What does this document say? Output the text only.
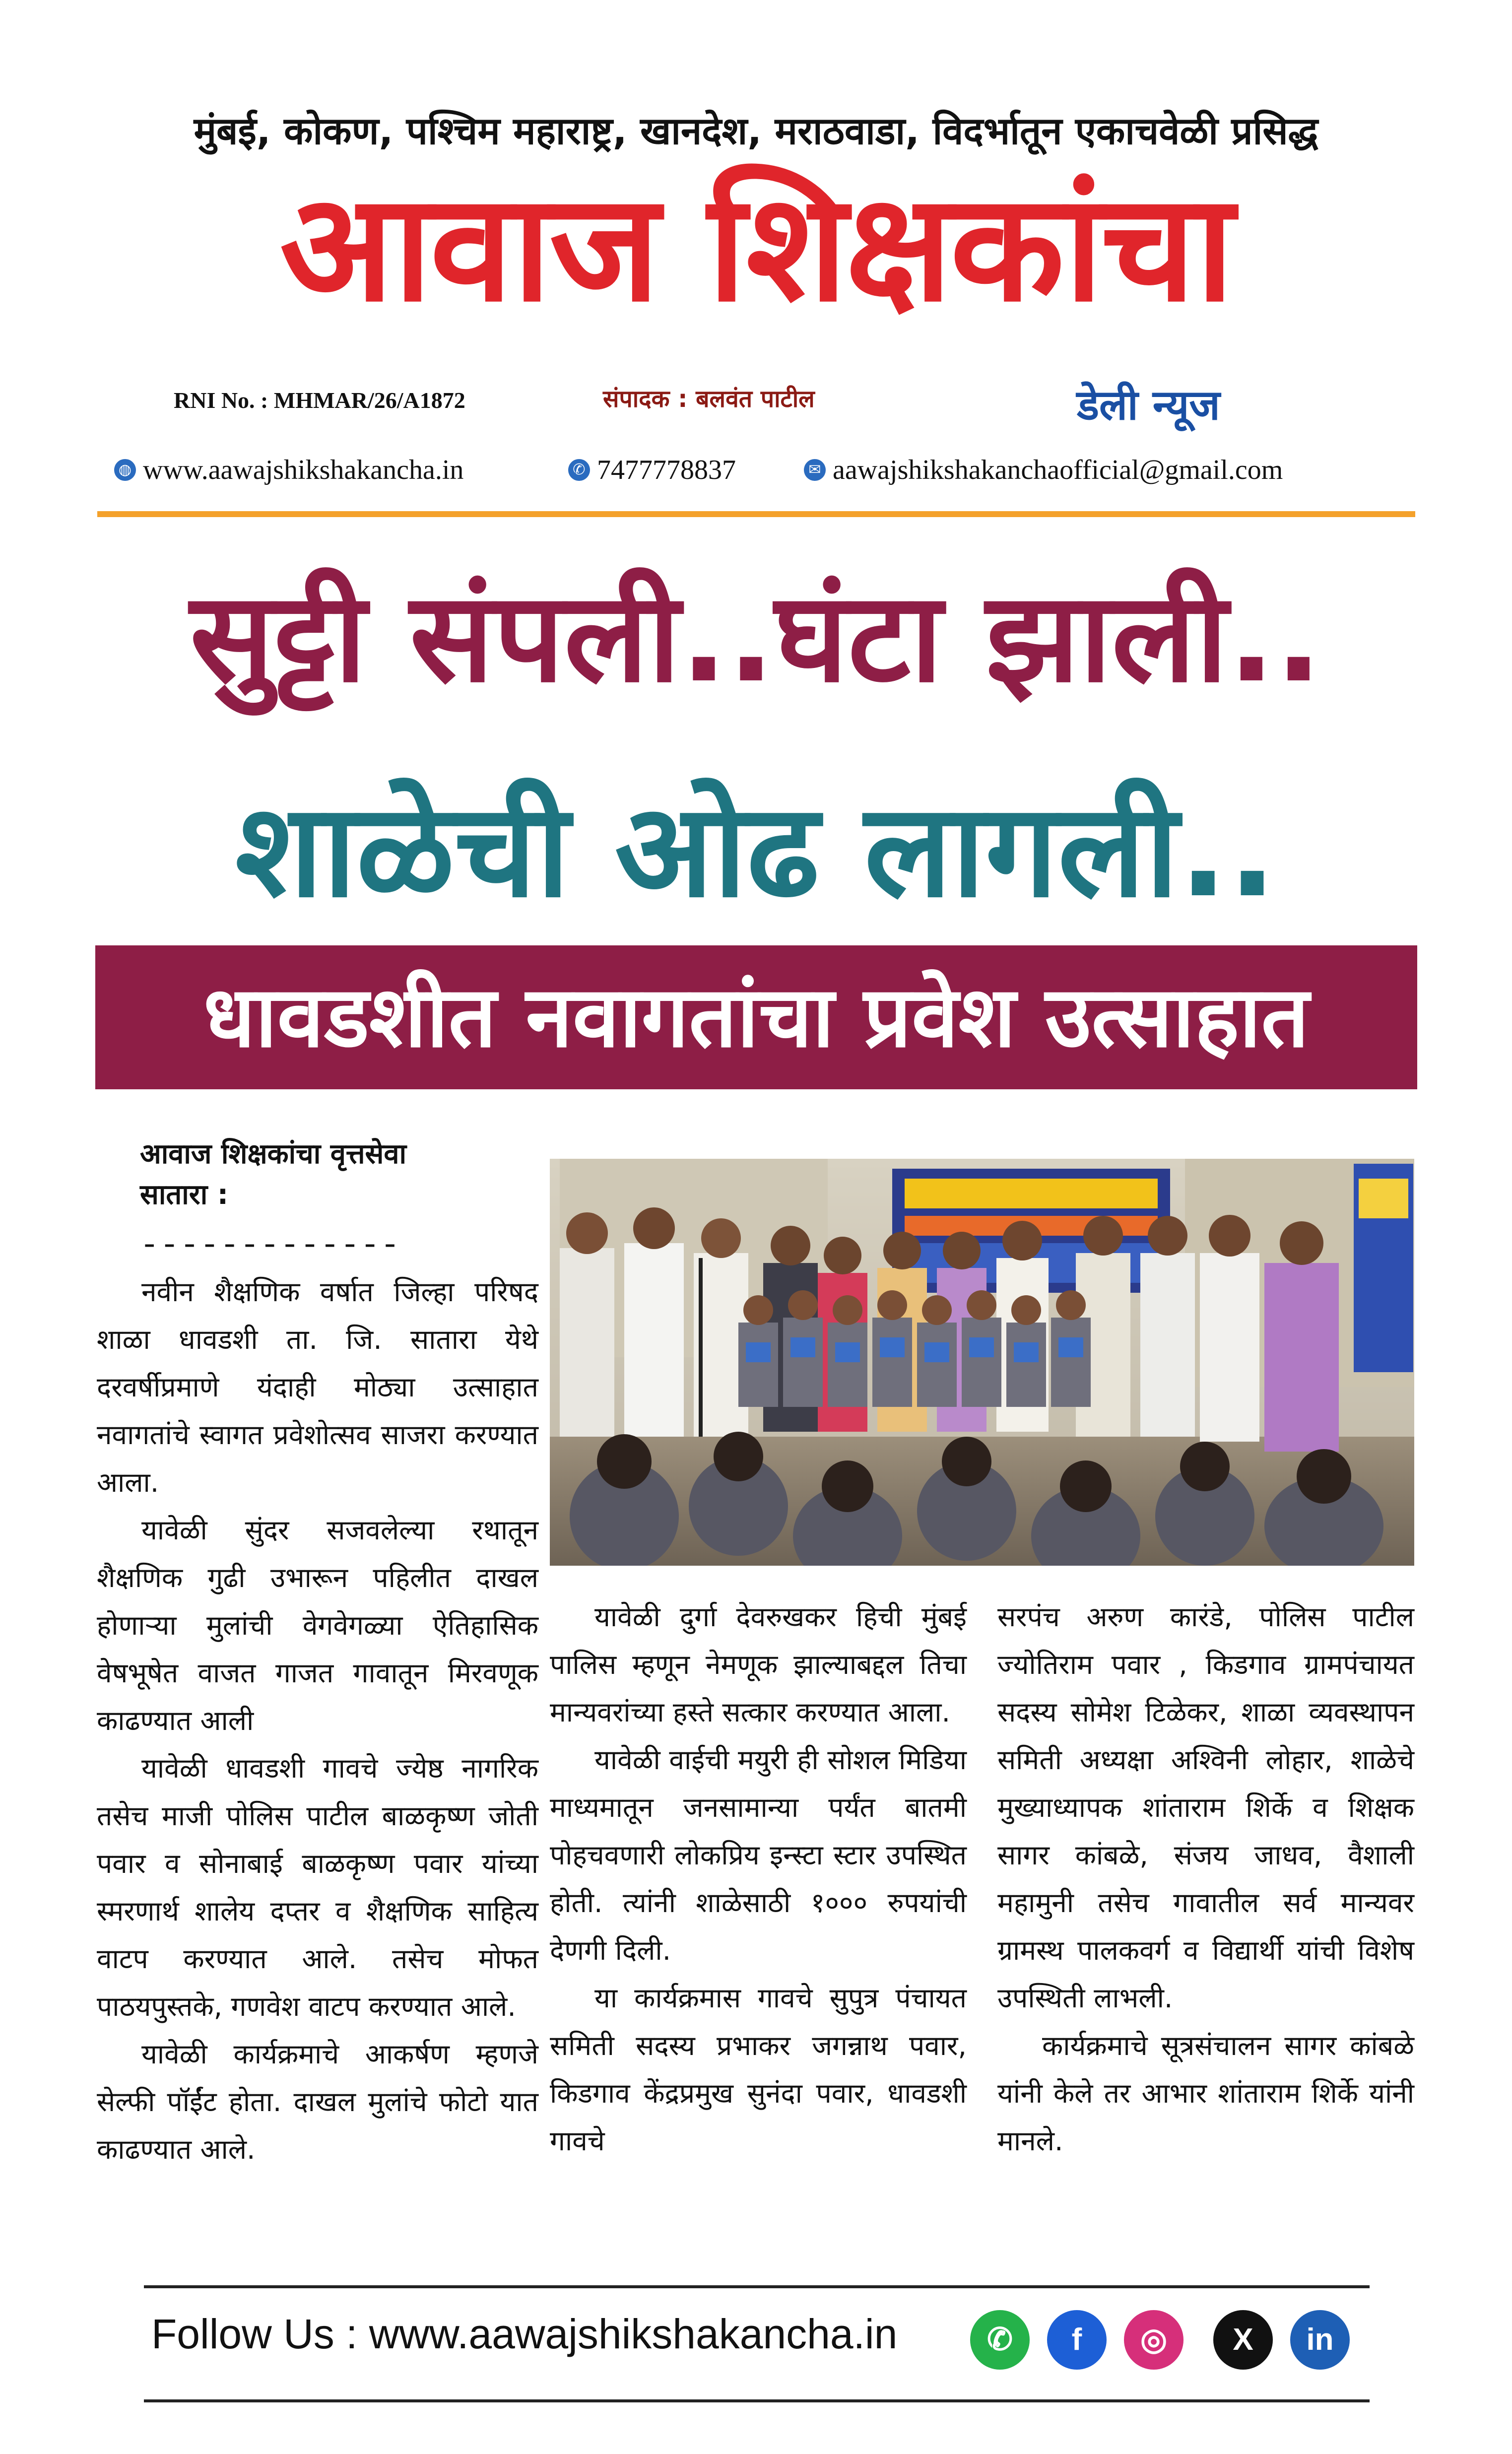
मुंबई, कोकण, पश्चिम महाराष्ट्र, खानदेश, मराठवाडा, विदर्भातून एकाचवेळी प्रसिद्ध
आवाज शिक्षकांचा
RNI No. : MHMAR/26/A1872	संपादक : बलवंत पाटील	डेली न्यूज
◍ www.aawajshikshakancha.in	✆ 7477778837	✉ aawajshikshakanchaofficial@gmail.com
सुट्टी संपली..घंटा झाली..
शाळेची ओढ लागली..
धावडशीत नवागतांचा प्रवेश उत्साहात
आवाज शिक्षकांचा वृत्तसेवा
सातारा :
-------------

नवीन शैक्षणिक वर्षात जिल्हा परिषद शाळा धावडशी ता. जि. सातारा येथे दरवर्षीप्रमाणे यंदाही मोठ्या उत्साहात नवागतांचे स्वागत प्रवेशोत्सव साजरा करण्यात आला.

यावेळी सुंदर सजवलेल्या रथातून शैक्षणिक गुढी उभारून पहिलीत दाखल होणाऱ्या मुलांची वेगवेगळ्या ऐतिहासिक वेषभूषेत वाजत गाजत गावातून मिरवणूक काढण्यात आली

यावेळी धावडशी गावचे ज्येष्ठ नागरिक तसेच माजी पोलिस पाटील बाळकृष्ण जोती पवार व सोनाबाई बाळकृष्ण पवार यांच्या स्मरणार्थ शालेय दप्तर व शैक्षणिक साहित्य वाटप करण्यात आले. तसेच मोफत पाठयपुस्तके, गणवेश वाटप करण्यात आले.

यावेळी कार्यक्रमाचे आकर्षण म्हणजे सेल्फी पॉईंट होता. दाखल मुलांचे फोटो यात काढण्यात आले.

यावेळी दुर्गा देवरुखकर हिची मुंबई पालिस म्हणून नेमणूक झाल्याबद्दल तिचा मान्यवरांच्या हस्ते सत्कार करण्यात आला.

यावेळी वाईची मयुरी ही सोशल मिडिया माध्यमातून जनसामान्या पर्यंत बातमी पोहचवणारी लोकप्रिय इन्स्टा स्टार उपस्थित होती. त्यांनी शाळेसाठी १००० रुपयांची देणगी दिली.

या कार्यक्रमास गावचे सुपुत्र पंचायत समिती सदस्य प्रभाकर जगन्नाथ पवार, किडगाव केंद्रप्रमुख सुनंदा पवार, धावडशी गावचे

सरपंच अरुण कारंडे, पोलिस पाटील ज्योतिराम पवार , किडगाव ग्रामपंचायत सदस्य सोमेश टिळेकर, शाळा व्यवस्थापन समिती अध्यक्षा अश्विनी लोहार, शाळेचे मुख्याध्यापक शांताराम शिर्के व शिक्षक सागर कांबळे, संजय जाधव, वैशाली महामुनी तसेच गावातील सर्व मान्यवर ग्रामस्थ पालकवर्ग व विद्यार्थी यांची विशेष उपस्थिती लाभली.

कार्यक्रमाचे सूत्रसंचालन सागर कांबळे यांनी केले तर आभार शांताराम शिर्के यांनी मानले.

Follow Us : www.aawajshikshakancha.in	✆	f	◎	X	in
